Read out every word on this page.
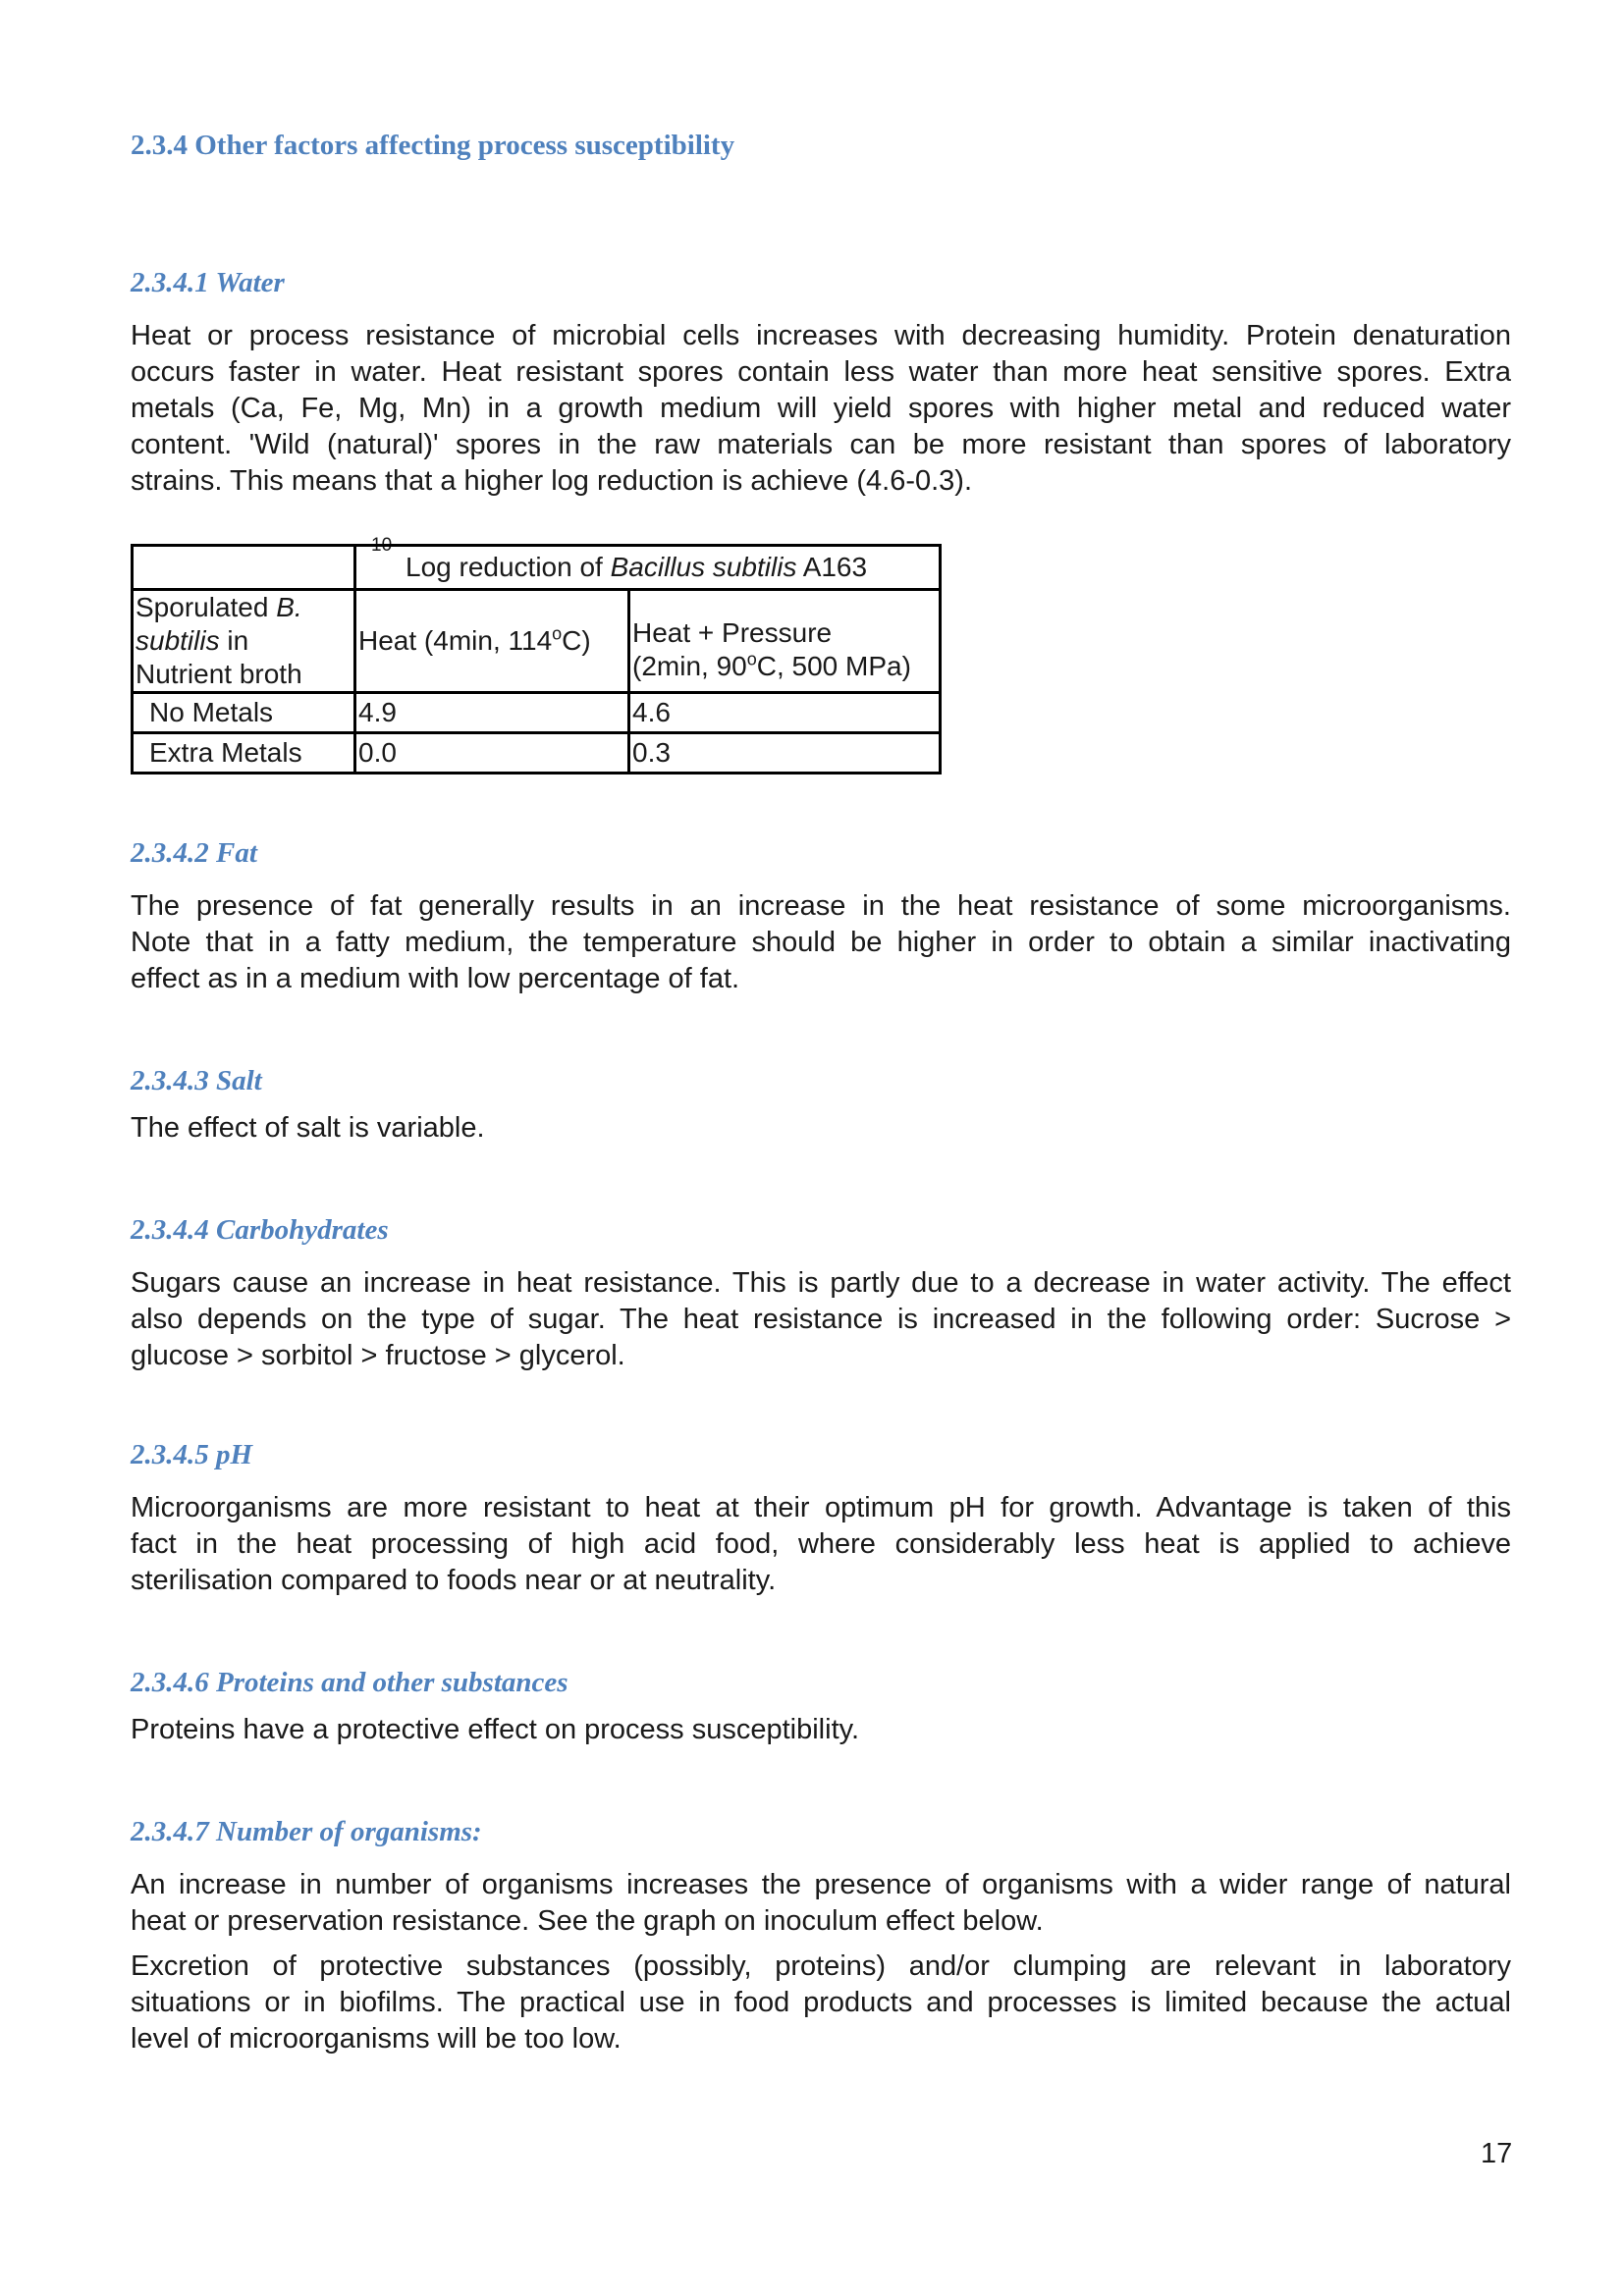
2.3.4 Other factors affecting process susceptibility
2.3.4.1 Water
Heat or process resistance of microbial cells increases with decreasing humidity. Protein denaturation
occurs faster in water. Heat resistant spores contain less water than more heat sensitive spores. Extra
metals (Ca, Fe, Mg, Mn) in a growth medium will yield spores with higher metal and reduced water
content. 'Wild (natural)' spores in the raw materials can be more resistant than spores of laboratory
strains. This means that a higher log reduction is achieve (4.6-0.3).
10
	Log reduction of Bacillus subtilis A163	
Sporulated B.
subtilis in
Nutrient broth	Heat (4min, 114$^o$C)	Heat + Pressure
(2min, 90$^o$C, 500 MPa)
No Metals	4.9	4.6
Extra Metals	0.0	0.3
2.3.4.2 Fat
The presence of fat generally results in an increase in the heat resistance of some microorganisms.
Note that in a fatty medium, the temperature should be higher in order to obtain a similar inactivating
effect as in a medium with low percentage of fat.
2.3.4.3 Salt
The effect of salt is variable.
2.3.4.4 Carbohydrates
Sugars cause an increase in heat resistance. This is partly due to a decrease in water activity. The effect
also depends on the type of sugar. The heat resistance is increased in the following order: Sucrose >
glucose > sorbitol > fructose > glycerol.
2.3.4.5 pH
Microorganisms are more resistant to heat at their optimum pH for growth. Advantage is taken of this
fact in the heat processing of high acid food, where considerably less heat is applied to achieve
sterilisation compared to foods near or at neutrality.
2.3.4.6 Proteins and other substances
Proteins have a protective effect on process susceptibility.
2.3.4.7 Number of organisms:
An increase in number of organisms increases the presence of organisms with a wider range of natural
heat or preservation resistance. See the graph on inoculum effect below.
Excretion of protective substances (possibly, proteins) and/or clumping are relevant in laboratory
situations or in biofilms. The practical use in food products and processes is limited because the actual
level of microorganisms will be too low.
17
